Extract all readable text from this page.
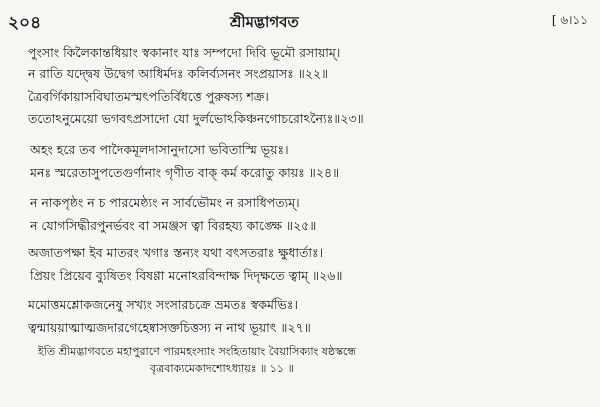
২০৪	শ্রীমদ্ভাগবত	[ ৬।১১
পুংসাং কিলৈকান্তধিয়াং স্বকানাং যাঃ সম্পদো দিবি ভূমৌ রসায়াম্।
ন রাতি যদ্দ্বেষ উদ্বেগ আধির্মদঃ কলির্ব্যসনং সংপ্রয়াসঃ ॥২২॥
ত্রৈবর্গিকায়াসবিঘাতমস্মৎপতির্বিধত্তে পুরুষস্য শক্র।
ততোঽনুমেয়ো ভগবৎপ্রসাদো যো দুর্লভোঽকিঞ্চনগোচরোঽন্যৈঃ॥২৩॥
অহং হরে তব পাদৈকমূলদাসানুদাসো ভবিতাস্মি ভূয়ঃ।
মনঃ স্মরেতাসুপতেগুর্ণানাং গৃণীত বাক্ কর্ম করোতু কায়ঃ ॥২৪॥
ন নাকপৃষ্ঠং ন চ পারমেষ্ঠ্যং ন সার্বভৌমং ন রসাধিপত্যম্।
ন যোগসিদ্ধীরপুনর্ভবং বা সমঞ্জস ত্বা বিরহয্য কাঙ্ক্ষে ॥২৫॥
অজাতপক্ষা ইব মাতরং খগাঃ স্তন্যং যথা বৎসতরাঃ ক্ষুধার্তাঃ।
প্রিয়ং প্রিয়েব ব্যুষিতং বিষণ্ণা মনোঽরবিন্দাক্ষ দিদৃক্ষতে ত্বাম্ ॥২৬॥
মমোত্তমশ্লোকজনেষু সখ্যং সংসারচক্রে ভ্রমতঃ স্বকর্মভিঃ।
ত্বন্মায়য়াত্মাত্মজদারগেহেষ্বাসক্তচিত্তস্য ন নাথ ভূয়াৎ ॥২৭॥
ইতি শ্রীমদ্ভাগবতে মহাপুরাণে পারমহংস্যাং সংহিতায়াং বৈয়াসিক্যাং ষষ্ঠস্কন্ধে
বৃত্রবাক্যমেকাদশোঽধ্যায়ঃ ॥ ১১ ॥
